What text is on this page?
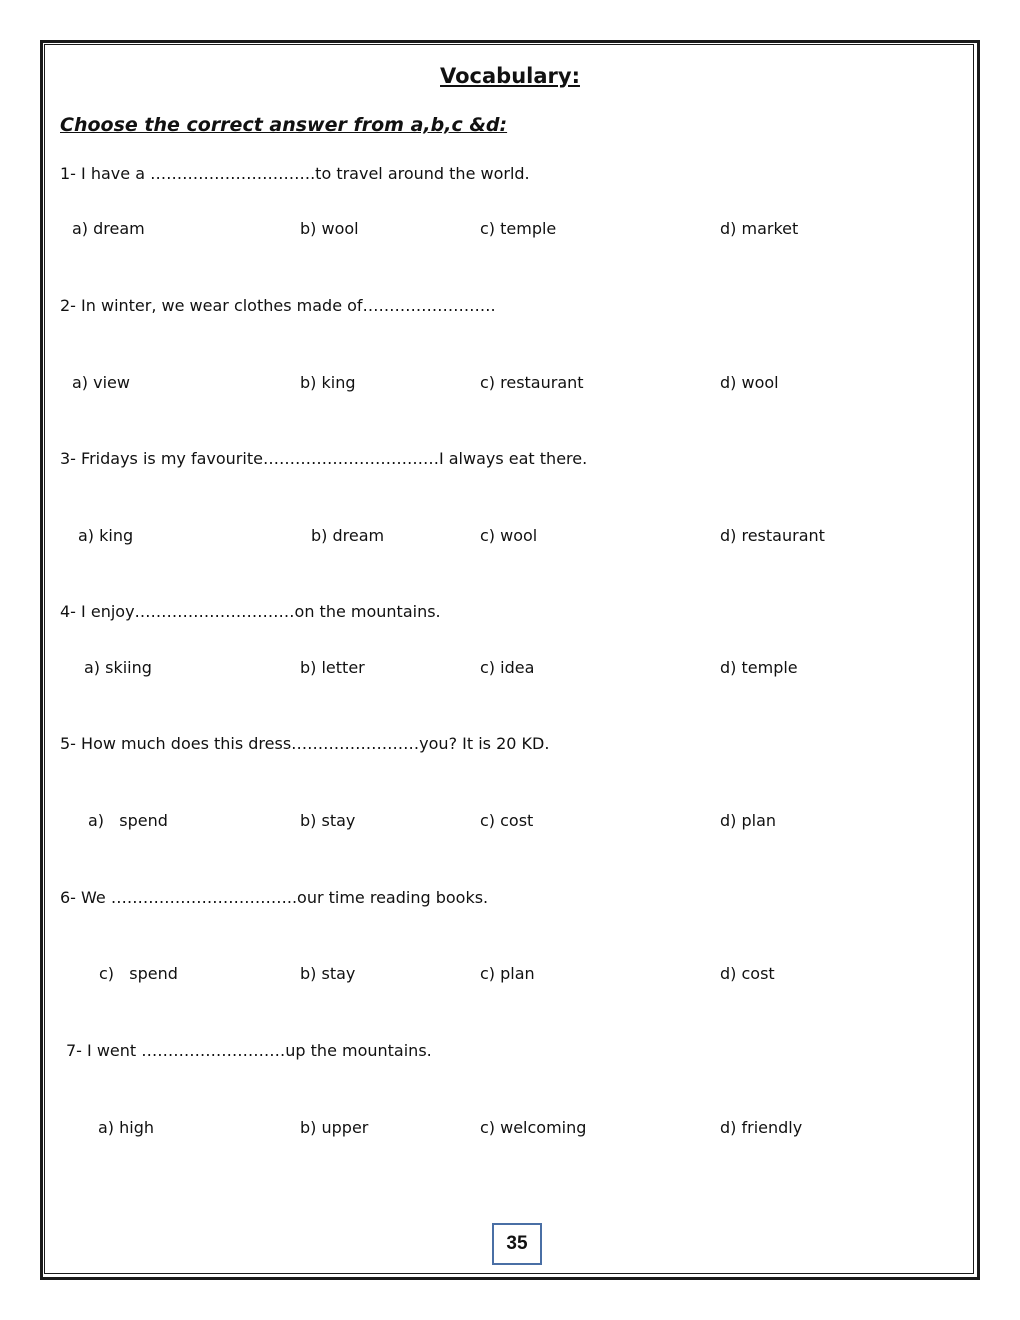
Vocabulary:
Choose the correct answer from a,b,c &d:
1- I have a ………………………….to travel around the world.
a) dream	b) wool	c) temple	d) market
2- In winter, we wear clothes made of…………………….
a) view	b) king	c) restaurant	d) wool
3- Fridays is my favourite……………………………I always eat there.
a) king	b) dream	c) wool	d) restaurant
4- I enjoy…………………………on the mountains.
a) skiing	b) letter	c) idea	d) temple
5- How much does this dress……………………you? It is 20 KD.
a)   spend	b) stay	c) cost	d) plan
6- We ……………………………..our time reading books.
c)   spend	b) stay	c) plan	d) cost
7- I went ………………………up the mountains.
a) high	b) upper	c) welcoming	d) friendly
35
